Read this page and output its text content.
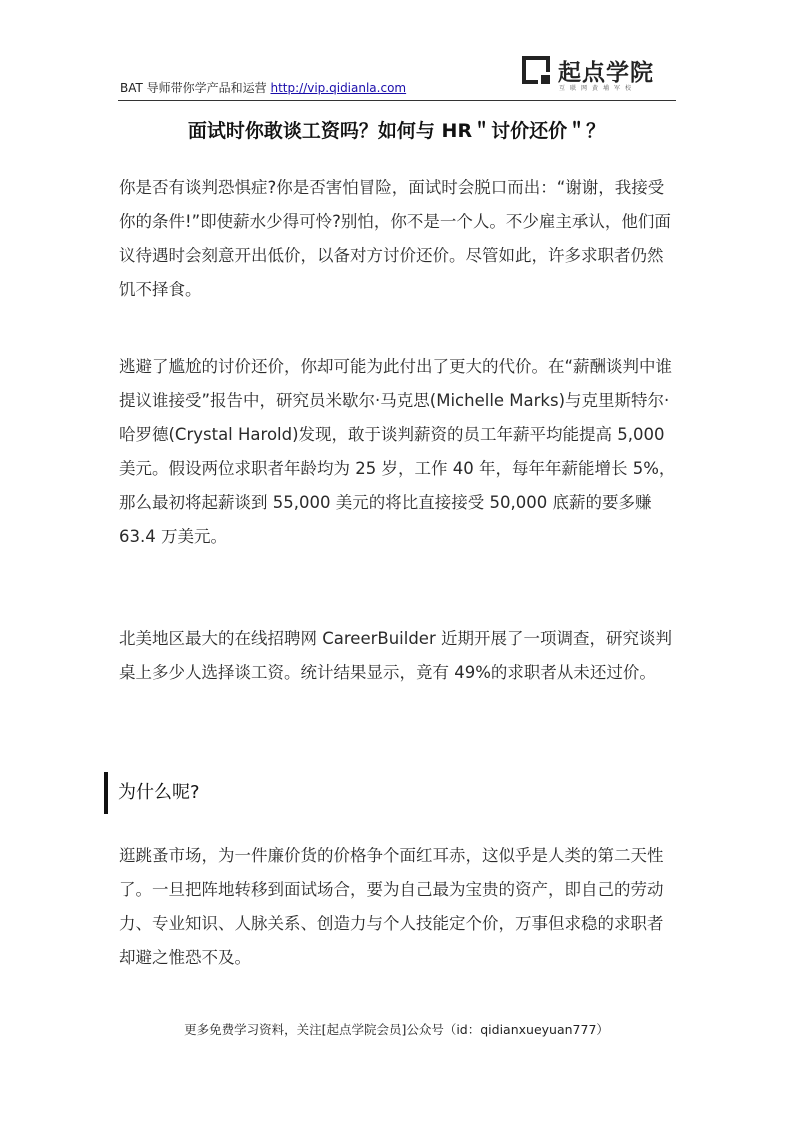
BAT 导师带你学产品和运营 http://vip.qidianla.com
起点学院
互联网黄埔军校
面试时你敢谈工资吗？如何与 HR＂讨价还价＂？

你是否有谈判恐惧症?你是否害怕冒险，面试时会脱口而出：“谢谢，我接受你的条件!”即使薪水少得可怜?别怕，你不是一个人。不少雇主承认，他们面议待遇时会刻意开出低价，以备对方讨价还价。尽管如此，许多求职者仍然饥不择食。

逃避了尴尬的讨价还价，你却可能为此付出了更大的代价。在“薪酬谈判中谁提议谁接受”报告中，研究员米歇尔·马克思(Michelle Marks)与克里斯特尔·哈罗德(Crystal Harold)发现，敢于谈判薪资的员工年薪平均能提高 5,000 美元。假设两位求职者年龄均为 25 岁，工作 40 年，每年年薪能增长 5%，那么最初将起薪谈到 55,000 美元的将比直接接受 50,000 底薪的要多赚 63.4 万美元。

北美地区最大的在线招聘网 CareerBuilder 近期开展了一项调查，研究谈判桌上多少人选择谈工资。统计结果显示，竟有 49%的求职者从未还过价。

为什么呢?

逛跳蚤市场，为一件廉价货的价格争个面红耳赤，这似乎是人类的第二天性了。一旦把阵地转移到面试场合，要为自己最为宝贵的资产，即自己的劳动力、专业知识、人脉关系、创造力与个人技能定个价，万事但求稳的求职者却避之惟恐不及。

更多免费学习资料，关注[起点学院会员]公众号（id：qidianxueyuan777）
